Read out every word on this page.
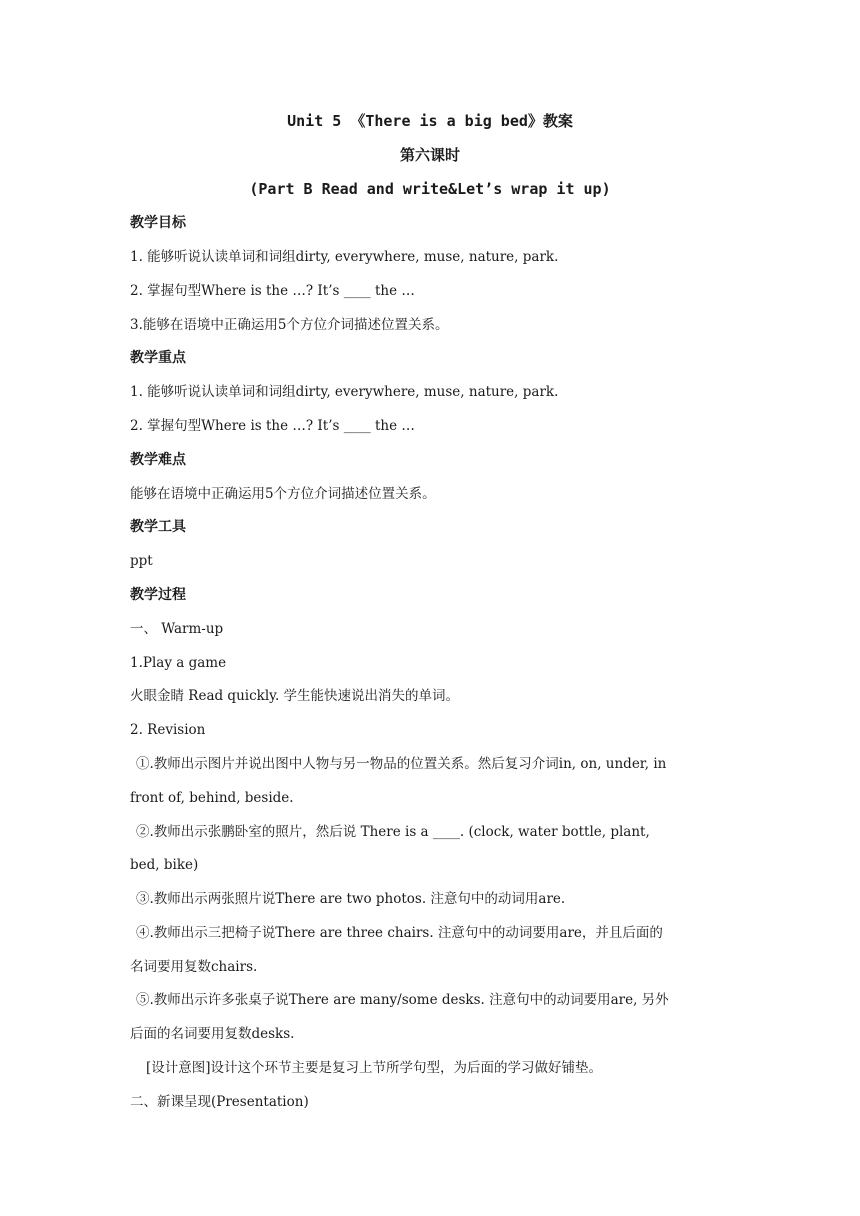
Unit 5 《There is a big bed》教案
第六课时
(Part B Read and write&Let’s wrap it up)
教学目标
1. 能够听说认读单词和词组dirty, everywhere, muse, nature, park.
2. 掌握句型Where is the …? It’s ____ the …
3.能够在语境中正确运用5个方位介词描述位置关系。
教学重点
1. 能够听说认读单词和词组dirty, everywhere, muse, nature, park.
2. 掌握句型Where is the …? It’s ____ the …
教学难点
能够在语境中正确运用5个方位介词描述位置关系。
教学工具
ppt
教学过程
一、 Warm-up
1.Play a game
火眼金睛 Read quickly. 学生能快速说出消失的单词。
2. Revision
①.教师出示图片并说出图中人物与另一物品的位置关系。然后复习介词in, on, under, in
front of, behind, beside.
②.教师出示张鹏卧室的照片，然后说 There is a ____. (clock, water bottle, plant,
bed, bike)
③.教师出示两张照片说There are two photos. 注意句中的动词用are.
④.教师出示三把椅子说There are three chairs. 注意句中的动词要用are，并且后面的
名词要用复数chairs.
⑤.教师出示许多张桌子说There are many/some desks. 注意句中的动词要用are, 另外
后面的名词要用复数desks.
[设计意图]设计这个环节主要是复习上节所学句型，为后面的学习做好铺垫。
二、新课呈现(Presentation)
